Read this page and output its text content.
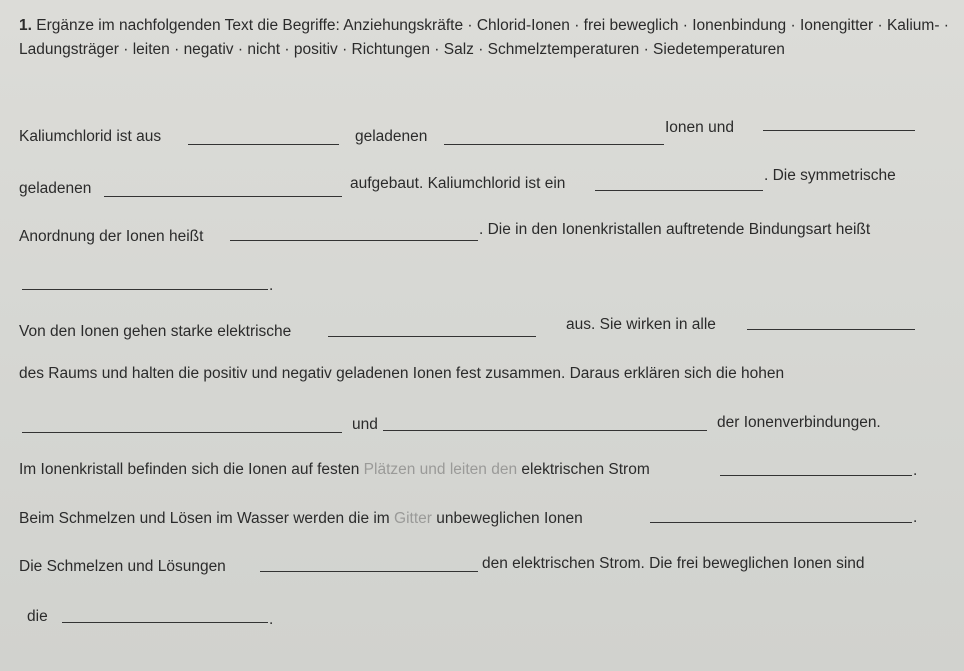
1. Ergänze im nachfolgenden Text die Begriffe: Anziehungskräfte · Chlorid-Ionen · frei beweglich · Ionenbindung · Ionengitter · Kalium- · Ladungsträger · leiten · negativ · nicht · positiv · Richtungen · Salz · Schmelztemperaturen · Siedetemperaturen
Kaliumchlorid ist aus	geladenen
Ionen und
geladenen	aufgebaut. Kaliumchlorid ist ein	. Die symmetrische
Anordnung der Ionen heißt	. Die in den Ionenkristallen auftretende Bindungsart heißt
.
Von den Ionen gehen starke elektrische	aus. Sie wirken in alle
des Raums und halten die positiv und negativ geladenen Ionen fest zusammen. Daraus erklären sich die hohen
und	der Ionenverbindungen.
Im Ionenkristall befinden sich die Ionen auf festen Plätzen und leiten den elektrischen Strom	.
Beim Schmelzen und Lösen im Wasser werden die im Gitter unbeweglichen Ionen	.
Die Schmelzen und Lösungen	den elektrischen Strom. Die frei beweglichen Ionen sind
die	.
